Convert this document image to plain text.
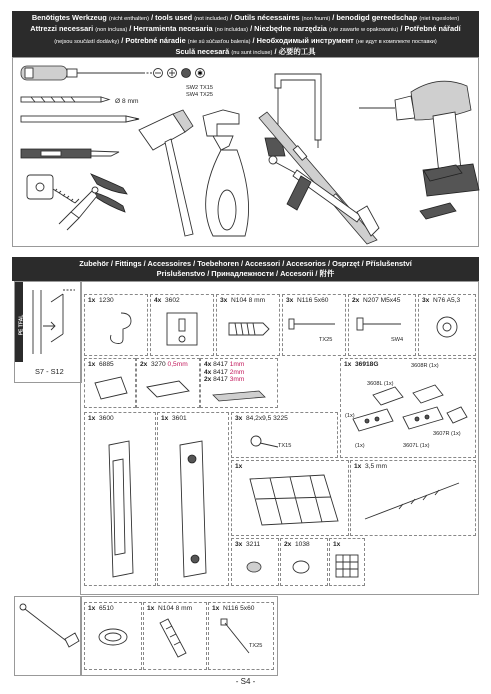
Benötigtes Werkzeug (nicht enthalten) / tools used (not included) / Outils nécessaires (non fourni) / benodigd gereedschap (niet ingesloten)
Attrezzi necessari (non inclusa) / Herramienta necesaria (no incluidas) / Niezbędne narzędzia (nie zawarte w opakowaniu) / Potřebné nářadí
(nejsou součástí dodávky) / Potrebné náradie (nie sú súčasťou balenia) / Необходимый инструмент (не идут в комплекте поставки)
Sculă necesară (nu sunt incluse) / 必要的工具
✱
SW2 TX15
SW4 TX25
Ø 8 mm
Zubehör / Fittings / Accessoires / Toebehoren / Accessori / Accesorios / Osprzęt / Příslušenství
Prislušenstvo / Принадлежности / Accesorii / 附件
PE TFAL
S7 - S12
1x 1230	4x 3602	3x N104 8 mm	3x N116 5x60
TX25
2x N207 M5x45
SW4
3x N76 A5,3
1x 6885	2x 3270 0,5mm 4x 8417 1mm
4x 8417 2mm
2x 8417 3mm
1x 36918G	3608R (1x)
3608L (1x)
(1x)
3607R (1x)
3607L (1x)
(1x)
1x 3600	1x 3601	3x 84,2x9,5 3225
TX15
1x	1x 3,5 mm
3x 3211	2x 1038	1x
1x 6510	1x N104 8 mm	1x N116 5x60
TX25
- S4 -
